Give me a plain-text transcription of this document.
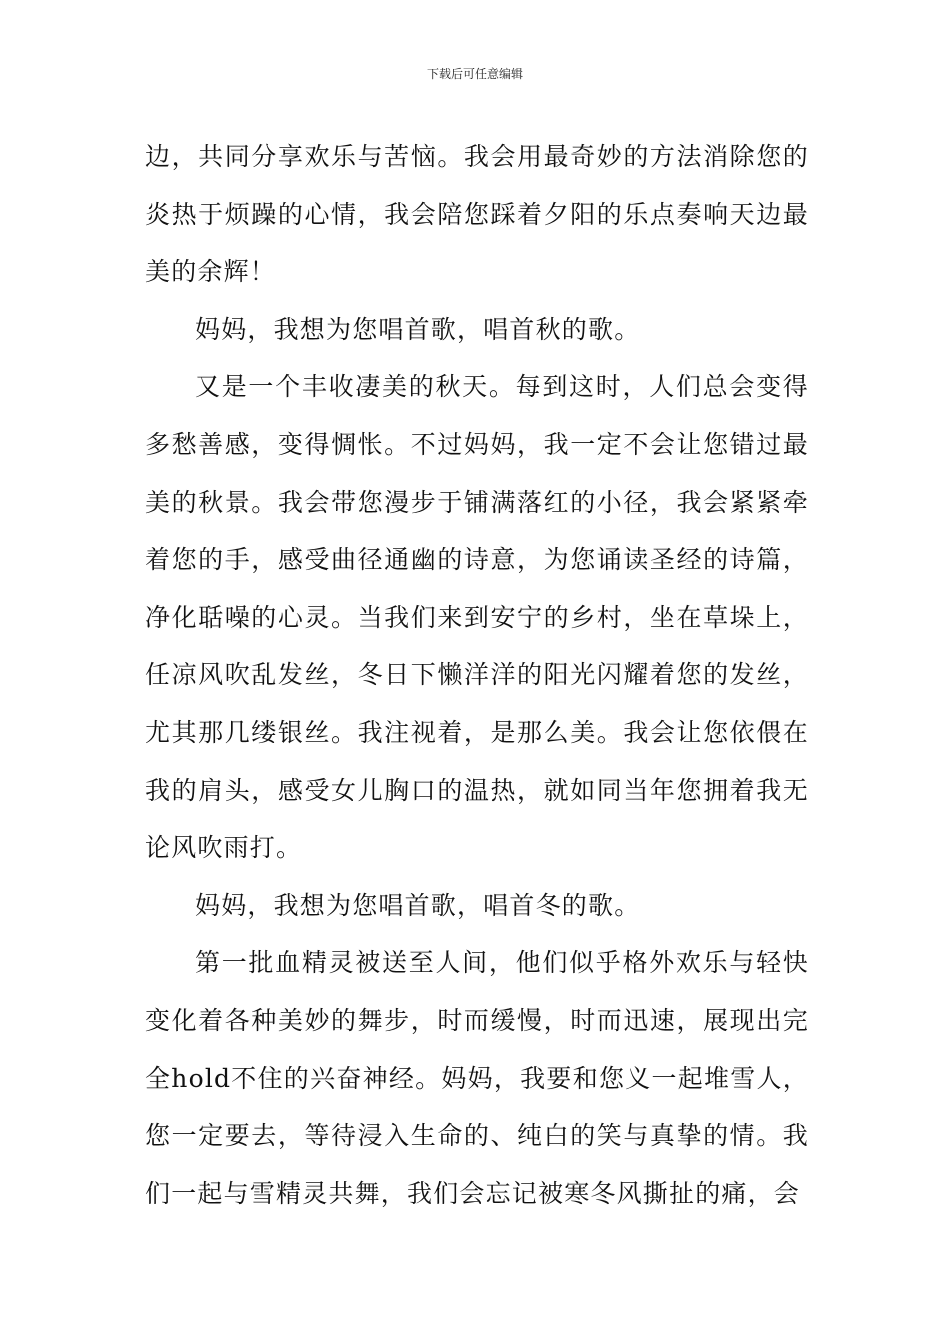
下载后可任意编辑

边，共同分享欢乐与苦恼。我会用最奇妙的方法消除您的炎热于烦躁的心情，我会陪您踩着夕阳的乐点奏响天边最美的余辉！

妈妈，我想为您唱首歌，唱首秋的歌。

又是一个丰收凄美的秋天。每到这时，人们总会变得多愁善感，变得惆怅。不过妈妈，我一定不会让您错过最美的秋景。我会带您漫步于铺满落红的小径，我会紧紧牵着您的手，感受曲径通幽的诗意，为您诵读圣经的诗篇，净化聒噪的心灵。当我们来到安宁的乡村，坐在草垛上，任凉风吹乱发丝，冬日下懒洋洋的阳光闪耀着您的发丝，尤其那几缕银丝。我注视着，是那么美。我会让您依偎在我的肩头，感受女儿胸口的温热，就如同当年您拥着我无论风吹雨打。

妈妈，我想为您唱首歌，唱首冬的歌。

第一批血精灵被送至人间，他们似乎格外欢乐与轻快变化着各种美妙的舞步，时而缓慢，时而迅速，展现出完全hold不住的兴奋神经。妈妈，我要和您义一起堆雪人，您一定要去，等待浸入生命的、纯白的笑与真挚的情。我们一起与雪精灵共舞，我们会忘记被寒冬风撕扯的痛，会
